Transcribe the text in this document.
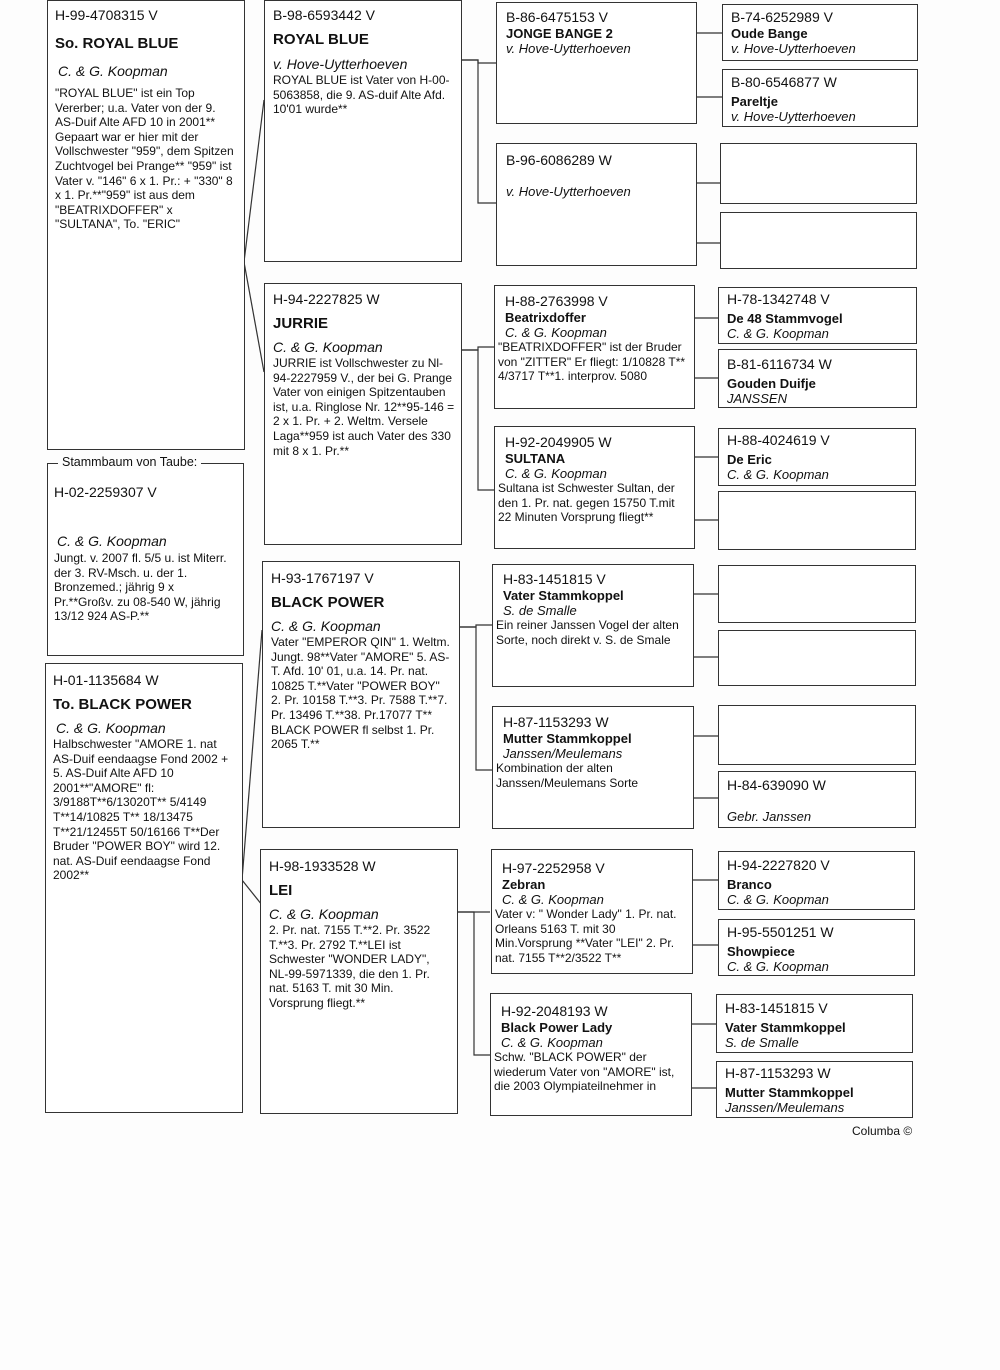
H-99-4708315 V

So. ROYAL BLUE

C. & G. Koopman

"ROYAL BLUE" ist ein Top Vererber; u.a. Vater von der 9. AS-Duif Alte AFD 10 in 2001** Gepaart war er hier mit der Vollschwester "959", dem Spitzen Zuchtvogel bei Prange** "959" ist Vater v. "146" 6 x 1. Pr.: + "330" 8 x 1. Pr.**"959" ist aus dem "BEATRIXDOFFER" x "SULTANA", To. "ERIC"

H-02-2259307 V

C. & G. Koopman

Jungt. v. 2007 fl. 5/5 u. ist Miterr. der 3. RV-Msch. u. der 1. Bronzemed.; jährig 9 x Pr.**Großv. zu 08-540 W, jährig 13/12 924 AS-P.**

Stammbaum von Taube:

H-01-1135684 W

To. BLACK POWER

C. & G. Koopman

Halbschwester "AMORE 1. nat AS-Duif eendaagse Fond 2002 + 5. AS-Duif Alte AFD 10 2001**"AMORE" fl: 3/9188T**6/13020T** 5/4149 T**14/10825 T** 18/13475 T**21/12455T 50/16166 T**Der Bruder "POWER BOY" wird 12. nat. AS-Duif eendaagse Fond 2002**

B-98-6593442 V

ROYAL BLUE

v. Hove-Uytterhoeven

ROYAL BLUE ist Vater von H-00-5063858, die 9. AS-duif Alte Afd. 10'01 wurde**

H-94-2227825 W

JURRIE

C. & G. Koopman

JURRIE ist Vollschwester zu Nl-94-2227959 V., der bei G. Prange Vater von einigen Spitzentauben ist, u.a. Ringlose Nr. 12**95-146 = 2 x 1. Pr. + 2. Weltm. Versele Laga**959 ist auch Vater des 330 mit 8 x 1. Pr.**

H-93-1767197 V

BLACK POWER

C. & G. Koopman

Vater "EMPEROR QIN" 1. Weltm. Jungt. 98**Vater "AMORE" 5. AS-T. Afd. 10' 01, u.a. 14. Pr. nat. 10825 T.**Vater "POWER BOY" 2. Pr. 10158 T.**3. Pr. 7588 T.**7. Pr. 13496 T.**38. Pr.17077 T** BLACK POWER fl selbst 1. Pr. 2065 T.**

H-98-1933528 W

LEI

C. & G. Koopman

2. Pr. nat. 7155 T.**2. Pr. 3522 T.**3. Pr. 2792 T.**LEI ist Schwester "WONDER LADY", NL-99-5971339, die den 1. Pr. nat. 5163 T. mit 30 Min. Vorsprung fliegt.**

B-86-6475153 V

JONGE BANGE 2

v. Hove-Uytterhoeven

B-96-6086289 W

v. Hove-Uytterhoeven

H-88-2763998 V

Beatrixdoffer

C. & G. Koopman

"BEATRIXDOFFER" ist der Bruder von "ZITTER" Er fliegt: 1/10828 T** 4/3717 T**1. interprov. 5080

H-92-2049905 W

SULTANA

C. & G. Koopman

Sultana ist Schwester Sultan, der den 1. Pr. nat. gegen 15750 T.mit 22 Minuten Vorsprung fliegt**

H-83-1451815 V

Vater Stammkoppel

S. de Smalle

Ein reiner Janssen Vogel der alten Sorte, noch direkt v. S. de Smale

H-87-1153293 W

Mutter Stammkoppel

Janssen/Meulemans

Kombination der alten Janssen/Meulemans Sorte

H-97-2252958 V

Zebran

C. & G. Koopman

Vater v: " Wonder Lady" 1. Pr. nat. Orleans 5163 T. mit 30 Min.Vorsprung **Vater "LEI" 2. Pr. nat. 7155 T**2/3522 T**

H-92-2048193 W

Black Power Lady

C. & G. Koopman

Schw. "BLACK POWER" der wiederum Vater von "AMORE" ist, die 2003 Olympiateilnehmer in

B-74-6252989 V

Oude Bange

v. Hove-Uytterhoeven

B-80-6546877 W

Pareltje

v. Hove-Uytterhoeven

H-78-1342748 V

De 48 Stammvogel

C. & G. Koopman

B-81-6116734 W

Gouden Duifje

JANSSEN

H-88-4024619 V

De Eric

C. & G. Koopman

H-84-639090 W

Gebr. Janssen

H-94-2227820 V

Branco

C. & G. Koopman

H-95-5501251 W

Showpiece

C. & G. Koopman

H-83-1451815 V

Vater Stammkoppel

S. de Smalle

H-87-1153293 W

Mutter Stammkoppel

Janssen/Meulemans

Columba ©
